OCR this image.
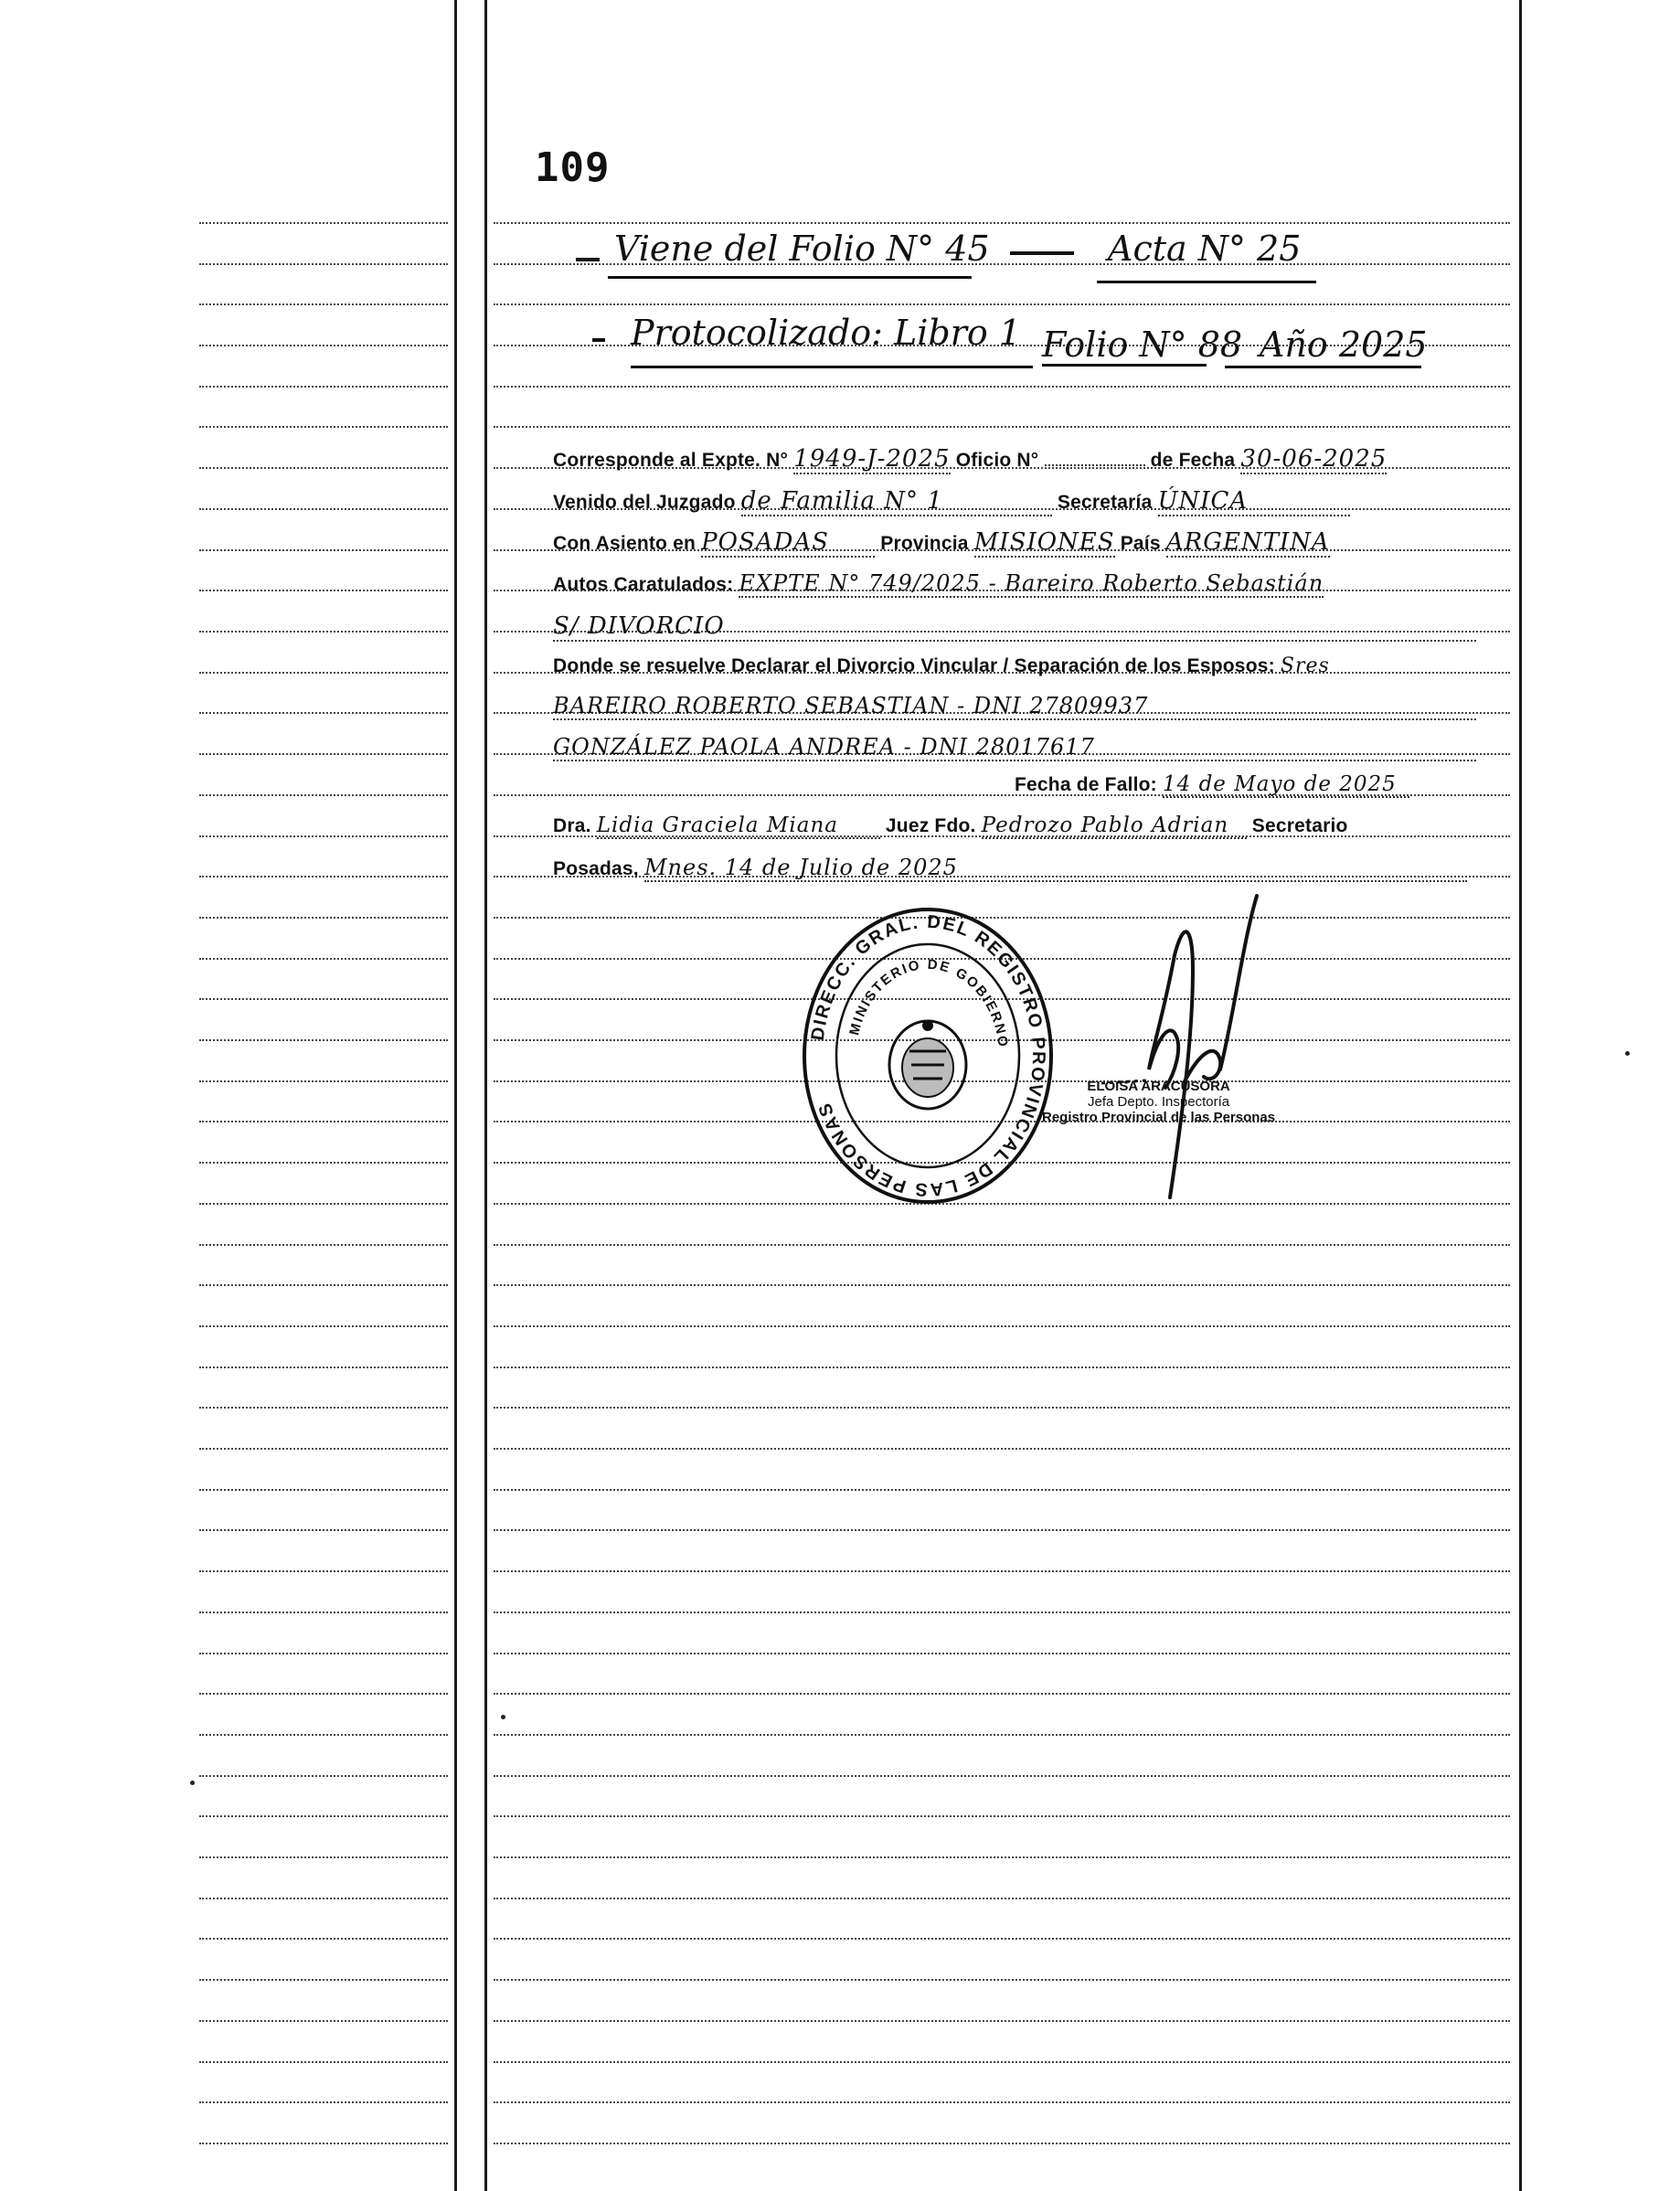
109
Viene del Folio N° 45	Acta N° 25
Protocolizado: Libro 1 Folio N° 88 Año 2025
Corresponde al Expte. N° 1949-J-2025 Oficio N°	de Fecha 30-06-2025
Venido del Juzgado de Familia N° 1	Secretaría ÚNICA
Con Asiento en POSADAS	Provincia MISIONES País ARGENTINA
Autos Caratulados: EXPTE N° 749/2025 - Bareiro Roberto Sebastián
S/ DIVORCIO
Donde se resuelve Declarar el Divorcio Vincular / Separación de los Esposos: Sres
BAREIRO ROBERTO SEBASTIAN - DNI 27809937
GONZÁLEZ PAOLA ANDREA - DNI 28017617
Fecha de Fallo: 14 de Mayo de 2025
Dra. Lidia Graciela Miana Juez Fdo. Pedrozo Pablo Adrian Secretario
Posadas, Mnes. 14 de Julio de 2025
DIRECC. GRAL. DEL REGISTRO PROVINCIAL DE LAS PERSONAS
MINISTERIO DE GOBIERNO
ELOISA ARACUSORA
Jefa Depto. Inspectoría
Registro Provincial de las Personas
